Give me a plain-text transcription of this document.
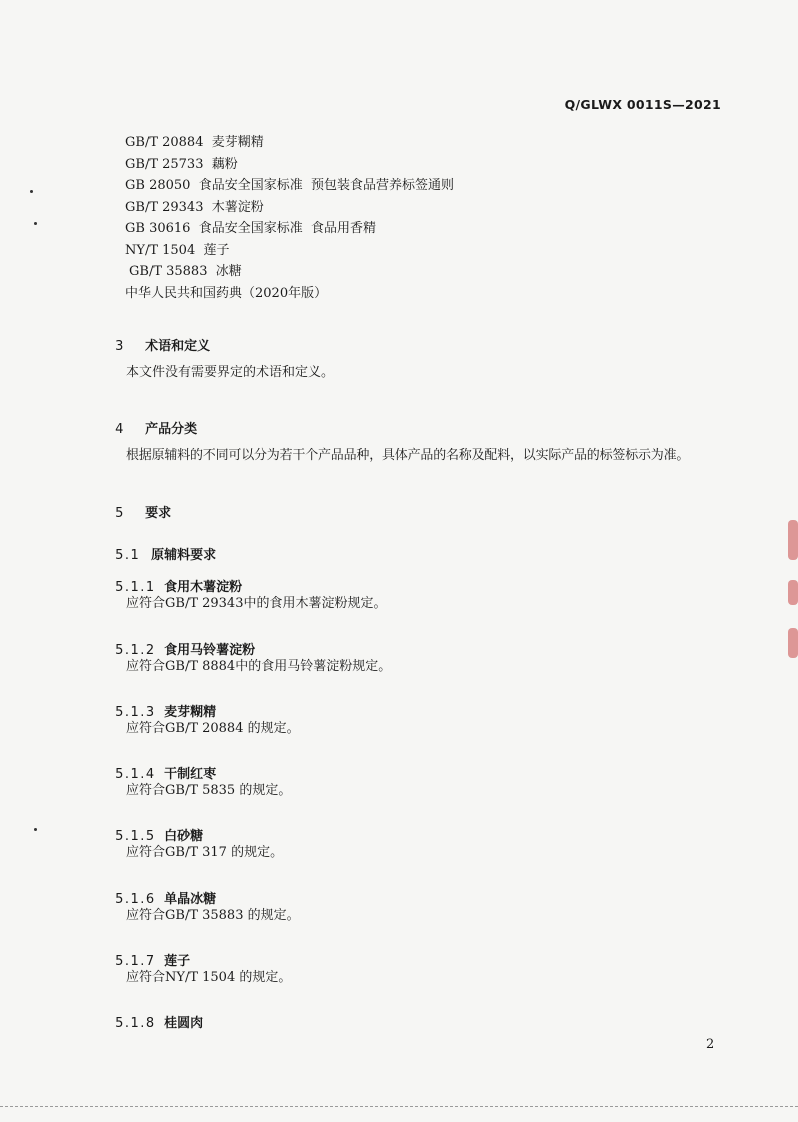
Q/GLWX 0011S—2021
GB/T 20884  麦芽糊精
GB/T 25733  藕粉
GB 28050  食品安全国家标准  预包装食品营养标签通则
GB/T 29343  木薯淀粉
GB 30616  食品安全国家标准  食品用香精
NY/T 1504  莲子
GB/T 35883  冰糖
中华人民共和国药典（2020年版）

3 术语和定义

本文件没有需要界定的术语和定义。

4 产品分类

根据原辅料的不同可以分为若干个产品品种，具体产品的名称及配料，以实际产品的标签标示为准。

5 要求

5.1 原辅料要求

5.1.1 食用木薯淀粉

应符合GB/T 29343中的食用木薯淀粉规定。

5.1.2 食用马铃薯淀粉

应符合GB/T 8884中的食用马铃薯淀粉规定。

5.1.3 麦芽糊精

应符合GB/T 20884 的规定。

5.1.4 干制红枣

应符合GB/T 5835 的规定。

5.1.5 白砂糖

应符合GB/T 317 的规定。

5.1.6 单晶冰糖

应符合GB/T 35883 的规定。

5.1.7 莲子

应符合NY/T 1504 的规定。

5.1.8 桂圆肉

2
